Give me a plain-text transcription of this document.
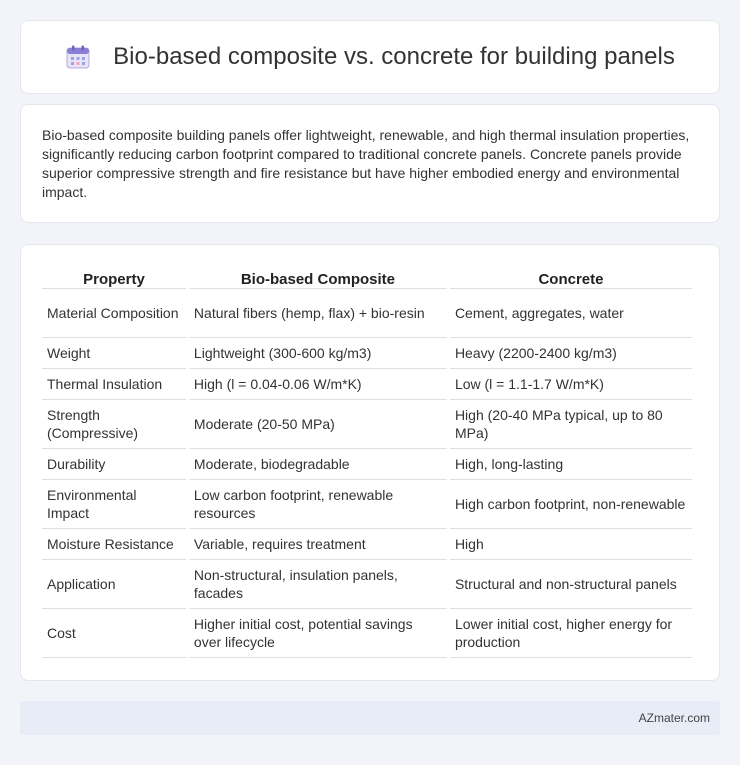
Bio-based composite vs. concrete for building panels

Bio-based composite building panels offer lightweight, renewable, and high thermal insulation properties, significantly reducing carbon footprint compared to traditional concrete panels. Concrete panels provide superior compressive strength and fire resistance but have higher embodied energy and environmental impact.

Property	Bio-based Composite	Concrete
Material Composition	Natural fibers (hemp, flax) + bio-resin	Cement, aggregates, water
Weight	Lightweight (300-600 kg/m3)	Heavy (2200-2400 kg/m3)
Thermal Insulation	High (l = 0.04-0.06 W/m*K)	Low (l = 1.1-1.7 W/m*K)
Strength (Compressive)	Moderate (20-50 MPa)	High (20-40 MPa typical, up to 80 MPa)
Durability	Moderate, biodegradable	High, long-lasting
Environmental Impact	Low carbon footprint, renewable resources	High carbon footprint, non-renewable
Moisture Resistance	Variable, requires treatment	High
Application	Non-structural, insulation panels, facades	Structural and non-structural panels
Cost	Higher initial cost, potential savings over lifecycle	Lower initial cost, higher energy for production
AZmater.com
